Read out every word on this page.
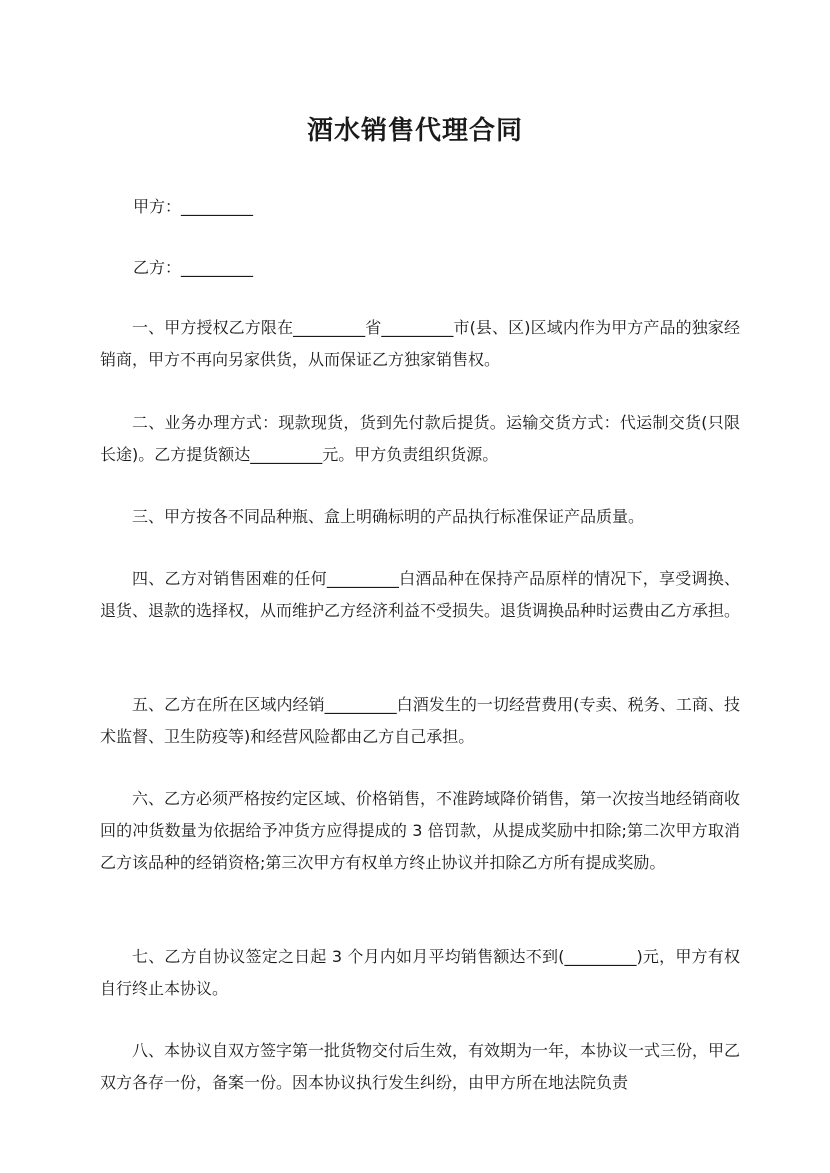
酒水销售代理合同

甲方：_________

乙方：_________

一、甲方授权乙方限在_________省_________市(县、区)区域内作为甲方产品的独家经销商，甲方不再向另家供货，从而保证乙方独家销售权。

二、业务办理方式：现款现货，货到先付款后提货。运输交货方式：代运制交货(只限长途)。乙方提货额达_________元。甲方负责组织货源。

三、甲方按各不同品种瓶、盒上明确标明的产品执行标准保证产品质量。

四、乙方对销售困难的任何_________白酒品种在保持产品原样的情况下，享受调换、退货、退款的选择权，从而维护乙方经济利益不受损失。退货调换品种时运费由乙方承担。

五、乙方在所在区域内经销_________白酒发生的一切经营费用(专卖、税务、工商、技术监督、卫生防疫等)和经营风险都由乙方自己承担。

六、乙方必须严格按约定区域、价格销售，不准跨域降价销售，第一次按当地经销商收回的冲货数量为依据给予冲货方应得提成的 3 倍罚款，从提成奖励中扣除;第二次甲方取消乙方该品种的经销资格;第三次甲方有权单方终止协议并扣除乙方所有提成奖励。

七、乙方自协议签定之日起 3 个月内如月平均销售额达不到(_________)元，甲方有权自行终止本协议。

八、本协议自双方签字第一批货物交付后生效，有效期为一年，本协议一式三份，甲乙双方各存一份，备案一份。因本协议执行发生纠纷，由甲方所在地法院负责
